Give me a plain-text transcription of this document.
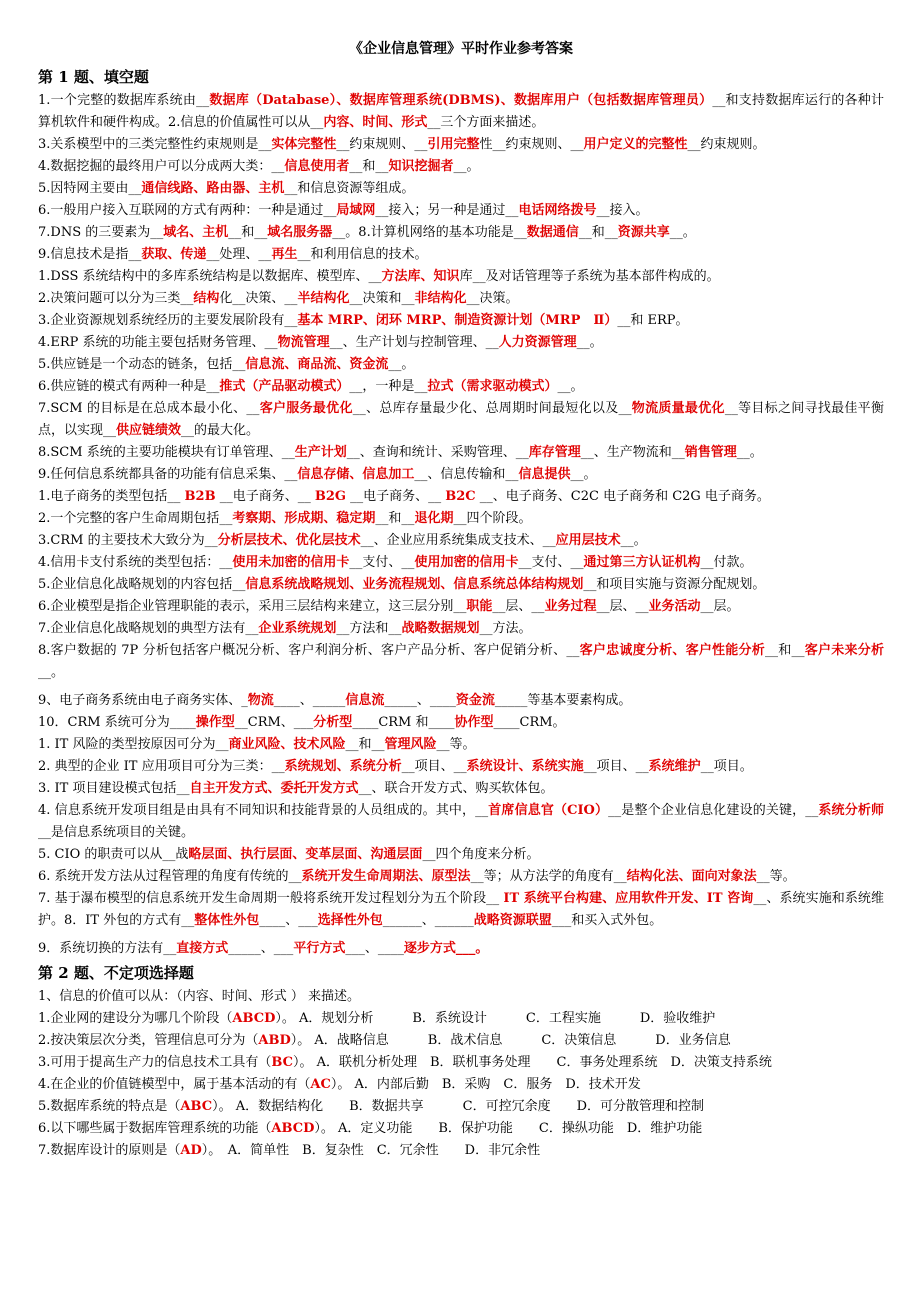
《企业信息管理》平时作业参考答案
第 1 题、填空题

1.一个完整的数据库系统由__数据库（Database）、数据库管理系统(DBMS)、数据库用户（包括数据库管理员）__和支持数据库运行的各种计算机软件和硬件构成。2.信息的价值属性可以从__内容、时间、形式__三个方面来描述。

3.关系模型中的三类完整性约束规则是__实体完整性__约束规则、__引用完整性__约束规则、__用户定义的完整性__约束规则。

4.数据挖掘的最终用户可以分成两大类：__信息使用者__和__知识挖掘者__。

5.因特网主要由__通信线路、路由器、主机__和信息资源等组成。

6.一般用户接入互联网的方式有两种：一种是通过__局域网__接入；另一种是通过__电话网络拨号__接入。

7.DNS 的三要素为__域名、主机__和__域名服务器__。8.计算机网络的基本功能是__数据通信__和__资源共享__。

9.信息技术是指__获取、传递__处理、__再生__和利用信息的技术。

1.DSS 系统结构中的多库系统结构是以数据库、模型库、__方法库、知识库__及对话管理等子系统为基本部件构成的。

2.决策问题可以分为三类__结构化__决策、__半结构化__决策和__非结构化__决策。

3.企业资源规划系统经历的主要发展阶段有__基本 MRP、闭环 MRP、制造资源计划（MRP　Ⅱ）__和 ERP。

4.ERP 系统的功能主要包括财务管理、__物流管理__、生产计划与控制管理、__人力资源管理__。

5.供应链是一个动态的链条，包括__信息流、商品流、资金流__。

6.供应链的模式有两种一种是__推式（产品驱动模式）__，一种是__拉式（需求驱动模式）__。

7.SCM 的目标是在总成本最小化、__客户服务最优化__、总库存量最少化、总周期时间最短化以及__物流质量最优化__等目标之间寻找最佳平衡点，以实现__供应链绩效__的最大化。

8.SCM 系统的主要功能模块有订单管理、__生产计划__、查询和统计、采购管理、__库存管理__、生产物流和__销售管理__。

9.任何信息系统都具备的功能有信息采集、__信息存储、信息加工__、信息传输和__信息提供__。

1.电子商务的类型包括__ B2B __电子商务、__ B2G __电子商务、__ B2C __、电子商务、C2C 电子商务和 C2G 电子商务。

2.一个完整的客户生命周期包括__考察期、形成期、稳定期__和__退化期__四个阶段。

3.CRM 的主要技术大致分为__分析层技术、优化层技术__、企业应用系统集成支技术、__应用层技术__。

4.信用卡支付系统的类型包括：__使用未加密的信用卡__支付、__使用加密的信用卡__支付、__通过第三方认证机构__付款。

5.企业信息化战略规划的内容包括__信息系统战略规划、业务流程规划、信息系统总体结构规划__和项目实施与资源分配规划。

6.企业模型是指企业管理职能的表示，采用三层结构来建立，这三层分别__职能__层、__业务过程__层、__业务活动__层。

7.企业信息化战略规划的典型方法有__企业系统规划__方法和__战略数据规划__方法。

8.客户数据的 7P 分析包括客户概况分析、客户利润分析、客户产品分析、客户促销分析、__客户忠诚度分析、客户性能分析__和__客户未来分析__。

9、电子商务系统由电子商务实体、_物流____、_____信息流_____、____资金流_____等基本要素构成。

10．CRM 系统可分为____操作型__CRM、___分析型____CRM 和____协作型____CRM。

1. IT 风险的类型按原因可分为__商业风险、技术风险__和__管理风险__等。

2. 典型的企业 IT 应用项目可分为三类：__系统规划、系统分析__项目、__系统设计、系统实施__项目、__系统维护__项目。

3. IT 项目建设模式包括__自主开发方式、委托开发方式__、联合开发方式、购买软体包。

4. 信息系统开发项目组是由具有不同知识和技能背景的人员组成的。其中，__首席信息官（CIO）__是整个企业信息化建设的关键，__系统分析师__是信息系统项目的关键。

5. CIO 的职责可以从__战略层面、执行层面、变革层面、沟通层面__四个角度来分析。

6. 系统开发方法从过程管理的角度有传统的__系统开发生命周期法、原型法__等；从方法学的角度有__结构化法、面向对象法__等。

7. 基于瀑布模型的信息系统开发生命周期一般将系统开发过程划分为五个阶段__ IT 系统平台构建、应用软件开发、IT 咨询__、系统实施和系统维护。8．IT 外包的方式有__整体性外包____、___选择性外包______、______战略资源联盟___和买入式外包。

9．系统切换的方法有__直接方式_____、___平行方式___、____逐步方式___。

第 2 题、不定项选择题

1、信息的价值可以从：（内容、时间、形式 ） 来描述。

1.企业网的建设分为哪几个阶段（ABCD）。 A．规划分析　　　B．系统设计　　　C．工程实施　　　D．验收维护

2.按决策层次分类，管理信息可分为（ABD）。 A．战略信息　　　B．战术信息　　　C．决策信息　　　D．业务信息

3.可用于提高生产力的信息技术工具有（BC）。 A．联机分析处理　B．联机事务处理　　C．事务处理系统　D．决策支持系统

4.在企业的价值链模型中，属于基本活动的有（AC）。 A．内部后勤　B．采购　C．服务　D．技术开发

5.数据库系统的特点是（ABC）。 A．数据结构化　　B．数据共享　　　C．可控冗余度　　D．可分散管理和控制

6.以下哪些属于数据库管理系统的功能（ABCD）。 A．定义功能　　B．保护功能　　C．操纵功能　D．维护功能

7.数据库设计的原则是（AD）。　A．简单性　B．复杂性　C．冗余性　　D．非冗余性
